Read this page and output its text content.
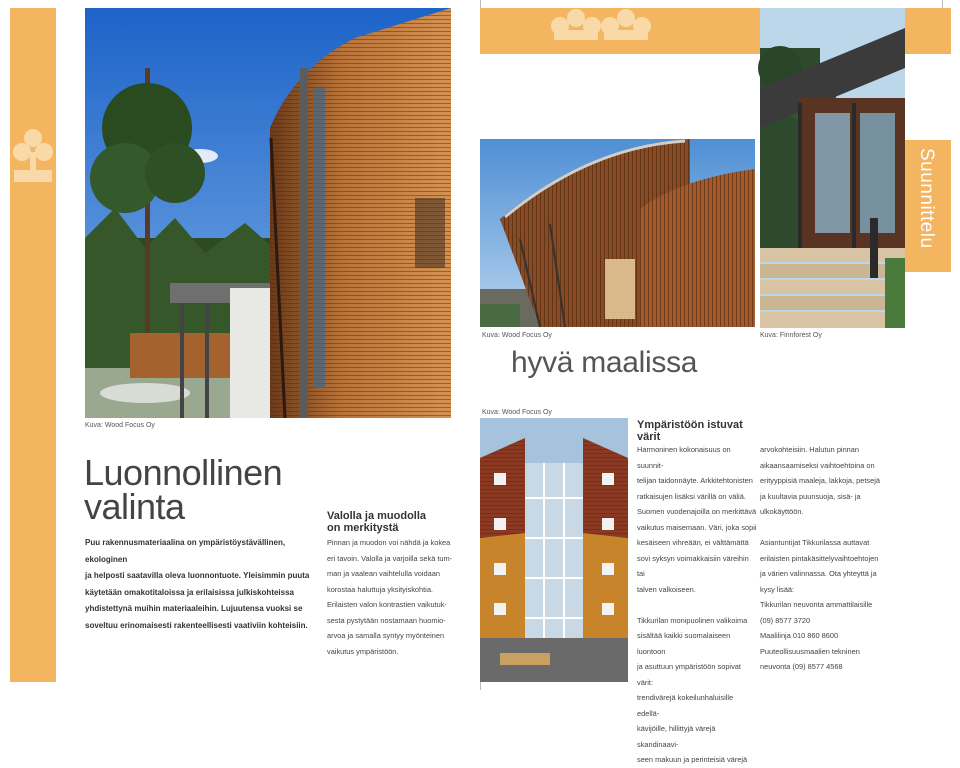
Kuva: Wood Focus Oy
Luonnollinen
valinta
Puu rakennusmateriaalina on ympäristöystävällinen, ekologinen
ja helposti saatavilla oleva luonnontuote. Yleisimmin puuta
käytetään omakotitaloissa ja erilaisissa julkiskohteissa
yhdistettynä muihin materiaaleihin. Lujuutensa vuoksi se
soveltuu erinomaisesti rakenteellisesti vaativiin kohteisiin.
Valolla ja muodolla
on merkitystä
Pinnan ja muodon voi nähdä ja kokea
eri tavoin. Valolla ja varjoilla sekä tum-
man ja vaalean vaihtelulla voidaan
korostaa haluttuja yksityiskohtia.
Erilaisten valon kontrastien vaikutuk-
sesta pystytään nostamaan huomio-
arvoa ja samalla syntyy myönteinen
vaikutus ympäristöön.
Suunnittelu
Kuva: Wood Focus Oy	Kuva: Finnforest Oy
hyvä maalissa
Kuva: Wood Focus Oy
Ympäristöön istuvat
värit
Harmoninen kokonaisuus on suunnit-
telijan taidonnäyte. Arkkitehtonisten
ratkaisujen lisäksi värillä on väliä.
Suomen vuodenajoilla on merkittävä
vaikutus maisemaan. Väri, joka sopii
kesäiseen vihreään, ei välttämättä
sovi syksyn voimakkaisiin väreihin tai
talven valkoiseen.
Tikkurilan monipuolinen valikoima
sisältää kaikki suomalaiseen luontoon
ja asuttuun ympäristöön sopivat värit:
trendivärejä kokeilunhaluisille edellä-
kävijöille, hillittyjä värejä skandinaavi-
seen makuun ja perinteisiä värejä
arvokohteisiin. Halutun pinnan
aikaansaamiseksi vaihtoehtoina on
erityyppisiä maaleja, lakkoja, petsejä
ja kuultavia puunsuoja, sisä- ja
ulkokäyttöön.
Asiantuntijat Tikkurilassa auttavat
erilaisten pintakäsittelyvaihtoehtojen
ja värien valinnassa. Ota yhteyttä ja
kysy lisää:
Tikkurilan neuvonta ammattilaisille
(09) 8577 3720
Maalilinja 010 860 8600
Puuteollisuusmaalien tekninen
neuvonta (09) 8577 4568
